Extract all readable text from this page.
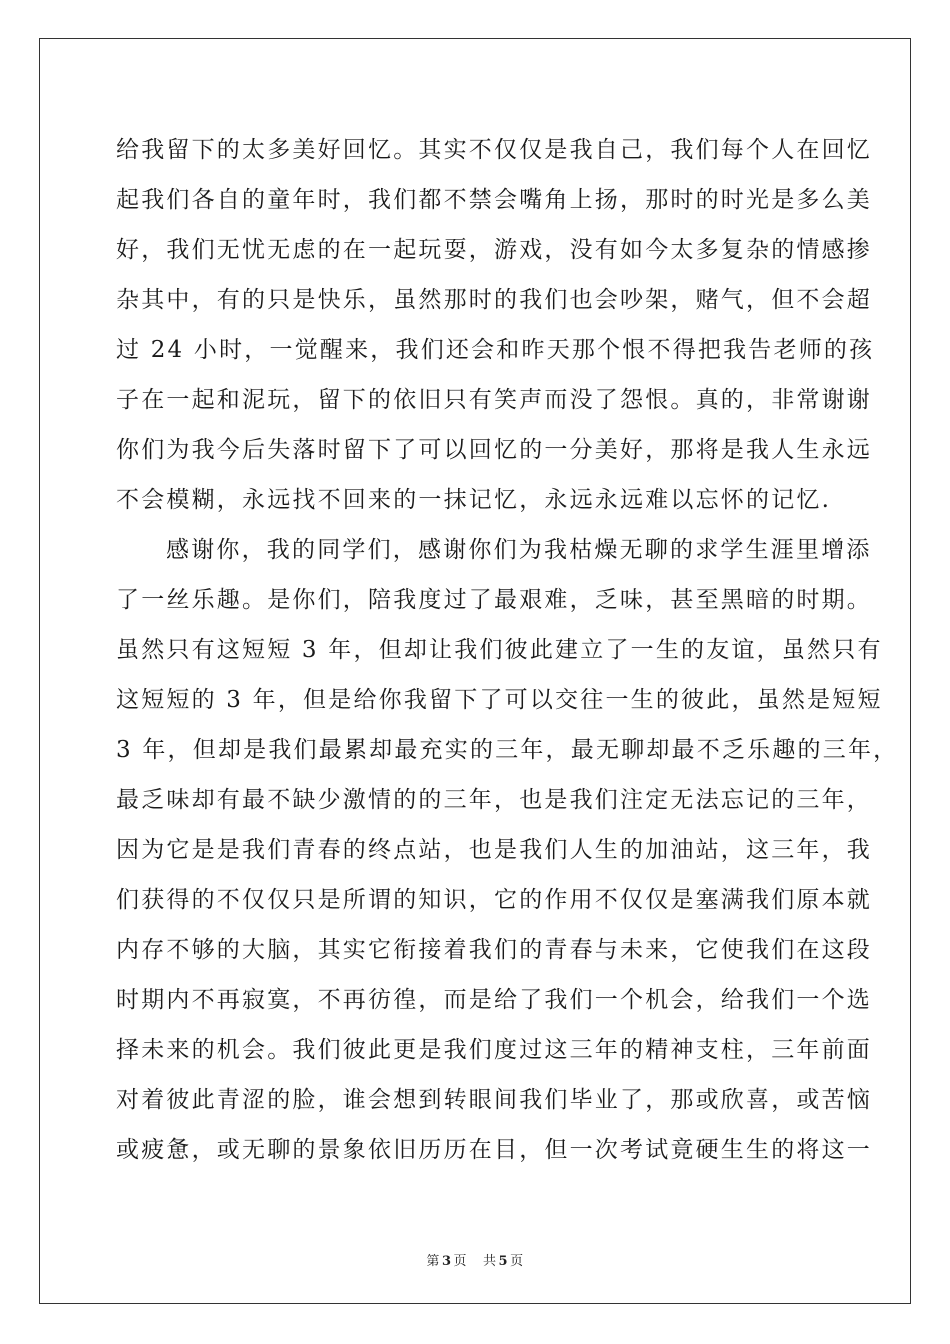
给我留下的太多美好回忆。其实不仅仅是我自己，我们每个人在回忆
起我们各自的童年时，我们都不禁会嘴角上扬，那时的时光是多么美
好，我们无忧无虑的在一起玩耍，游戏，没有如今太多复杂的情感掺
杂其中，有的只是快乐，虽然那时的我们也会吵架，赌气，但不会超
过 24 小时，一觉醒来，我们还会和昨天那个恨不得把我告老师的孩
子在一起和泥玩，留下的依旧只有笑声而没了怨恨。真的，非常谢谢
你们为我今后失落时留下了可以回忆的一分美好，那将是我人生永远
不会模糊，永远找不回来的一抹记忆，永远永远难以忘怀的记忆.
感谢你，我的同学们，感谢你们为我枯燥无聊的求学生涯里增添
了一丝乐趣。是你们，陪我度过了最艰难，乏味，甚至黑暗的时期。
虽然只有这短短 3 年，但却让我们彼此建立了一生的友谊，虽然只有
这短短的 3 年，但是给你我留下了可以交往一生的彼此，虽然是短短
3 年，但却是我们最累却最充实的三年，最无聊却最不乏乐趣的三年，
最乏味却有最不缺少激情的的三年，也是我们注定无法忘记的三年，
因为它是是我们青春的终点站，也是我们人生的加油站，这三年，我
们获得的不仅仅只是所谓的知识，它的作用不仅仅是塞满我们原本就
内存不够的大脑，其实它衔接着我们的青春与未来，它使我们在这段
时期内不再寂寞，不再彷徨，而是给了我们一个机会，给我们一个选
择未来的机会。我们彼此更是我们度过这三年的精神支柱，三年前面
对着彼此青涩的脸，谁会想到转眼间我们毕业了，那或欣喜，或苦恼
或疲惫，或无聊的景象依旧历历在目，但一次考试竟硬生生的将这一
第 3 页 共 5 页
